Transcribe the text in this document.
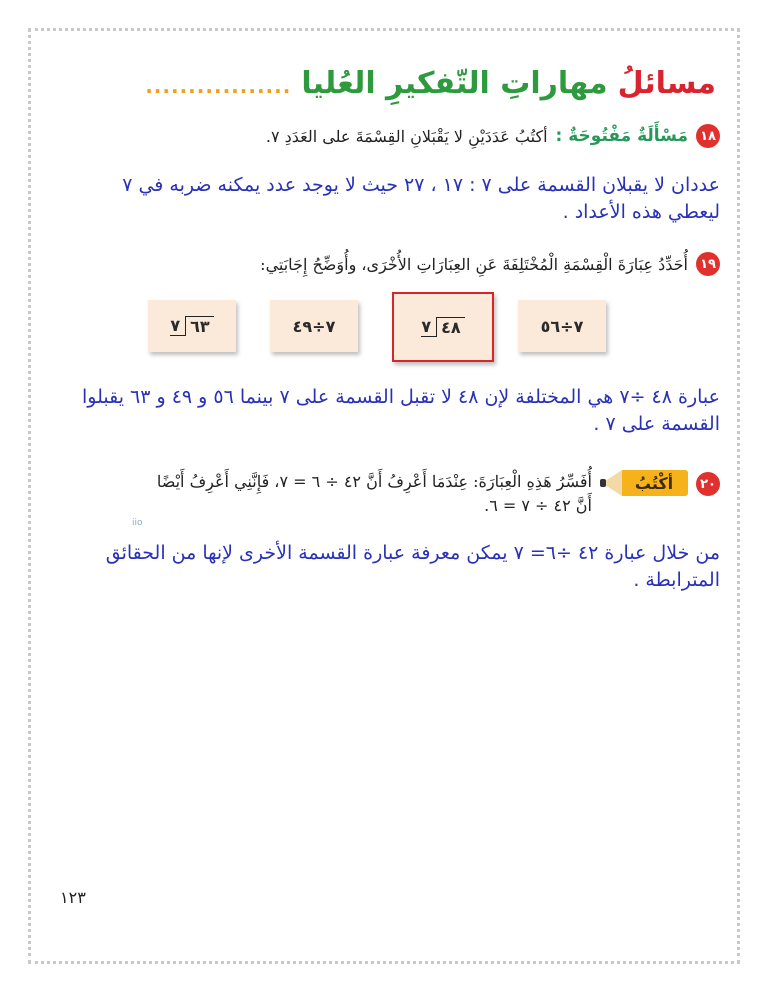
مسائلُ
مهاراتِ التّفكيرِ العُليا
.................
١٨
مَسْأَلَةٌ مَفْتُوحَةٌ :
أكتُبُ عَدَدَيْنِ لا يَقْبَلانِ القِسْمَةَ على العَدَدِ ٧.
عددان لا يقبلان القسمة على ٧ : ١٧ ، ٢٧ حيث لا يوجد عدد يمكنه ضربه في ٧
ليعطي هذه الأعداد .
١٩
أُحَدِّدُ عِبَارَةَ الْقِسْمَةِ الْمُخْتَلِفَةَ عَنِ العِبَارَاتِ الأُخْرَى، وأُوَضِّحُ إِجَابَتِي:
٧ ٦٣	٧÷٤٩	٧ ٤٨	٧÷٥٦
عبارة ٤٨ ÷٧ هي المختلفة لإن ٤٨ لا تقبل القسمة على ٧ بينما ٥٦ و ٤٩ و ٦٣ يقبلوا
القسمة على ٧ .
٢٠
أكْتُبُ
أُفَسِّرُ هَذِهِ الْعِبَارَةَ: عِنْدَمَا أَعْرِفُ أَنَّ ٤٢ ÷ ٦ = ٧، فَإِنَّنِي أَعْرِفُ أَيْضًا
أَنَّ ٤٢ ÷ ٧ = ٦.
iio
من خلال عبارة ٤٢ ÷٦= ٧ يمكن معرفة عبارة القسمة الأخرى لإنها من الحقائق
المترابطة .
١٢٣
